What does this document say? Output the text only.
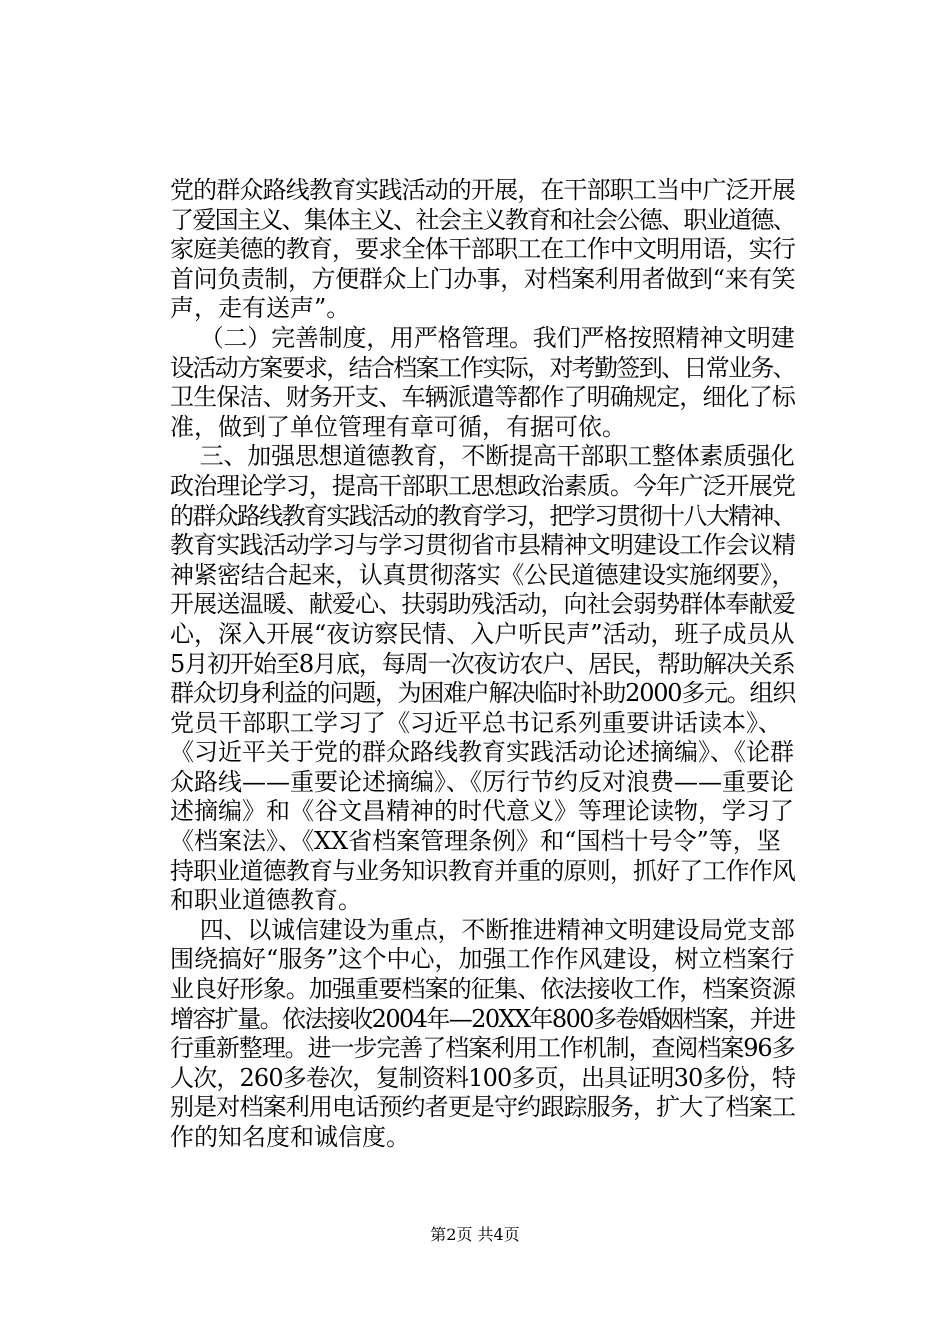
党的群众路线教育实践活动的开展，在干部职工当中广泛开展
了爱国主义、集体主义、社会主义教育和社会公德、职业道德、
家庭美德的教育，要求全体干部职工在工作中文明用语，实行
首问负责制，方便群众上门办事，对档案利用者做到“来有笑
声，走有送声”。
（二）完善制度，用严格管理。我们严格按照精神文明建
设活动方案要求，结合档案工作实际，对考勤签到、日常业务、
卫生保洁、财务开支、车辆派遣等都作了明确规定，细化了标
准，做到了单位管理有章可循，有据可依。
三、加强思想道德教育，不断提高干部职工整体素质强化
政治理论学习，提高干部职工思想政治素质。今年广泛开展党
的群众路线教育实践活动的教育学习，把学习贯彻十八大精神、
教育实践活动学习与学习贯彻省市县精神文明建设工作会议精
神紧密结合起来，认真贯彻落实《公民道德建设实施纲要》，
开展送温暖、献爱心、扶弱助残活动，向社会弱势群体奉献爱
心，深入开展“夜访察民情、入户听民声”活动，班子成员从
5月初开始至8月底，每周一次夜访农户、居民，帮助解决关系
群众切身利益的问题，为困难户解决临时补助2000多元。组织
党员干部职工学习了《习近平总书记系列重要讲话读本》、
《习近平关于党的群众路线教育实践活动论述摘编》、《论群
众路线——重要论述摘编》、《厉行节约反对浪费——重要论
述摘编》和《谷文昌精神的时代意义》等理论读物，学习了
《档案法》、《XX省档案管理条例》和“国档十号令”等，坚
持职业道德教育与业务知识教育并重的原则，抓好了工作作风
和职业道德教育。
四、以诚信建设为重点，不断推进精神文明建设局党支部
围绕搞好“服务”这个中心，加强工作作风建设，树立档案行
业良好形象。加强重要档案的征集、依法接收工作，档案资源
增容扩量。依法接收2004年—20XX年800多卷婚姻档案，并进
行重新整理。进一步完善了档案利用工作机制，查阅档案96多
人次，260多卷次，复制资料100多页，出具证明30多份，特
别是对档案利用电话预约者更是守约跟踪服务，扩大了档案工
作的知名度和诚信度。
第2页 共4页
